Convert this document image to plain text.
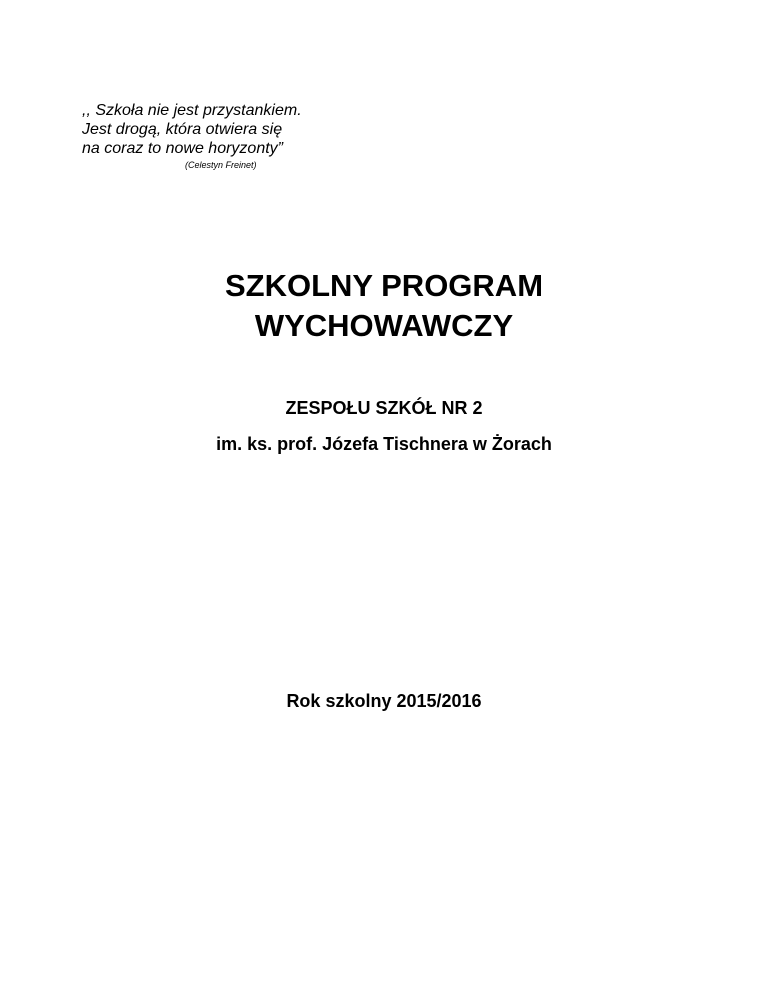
,, Szkoła nie jest przystankiem.
Jest drogą, która otwiera się
na coraz to nowe horyzonty”
(Celestyn Freinet)
SZKOLNY PROGRAM
WYCHOWAWCZY
ZESPOŁU SZKÓŁ NR 2
im. ks. prof. Józefa Tischnera w Żorach
Rok szkolny 2015/2016
